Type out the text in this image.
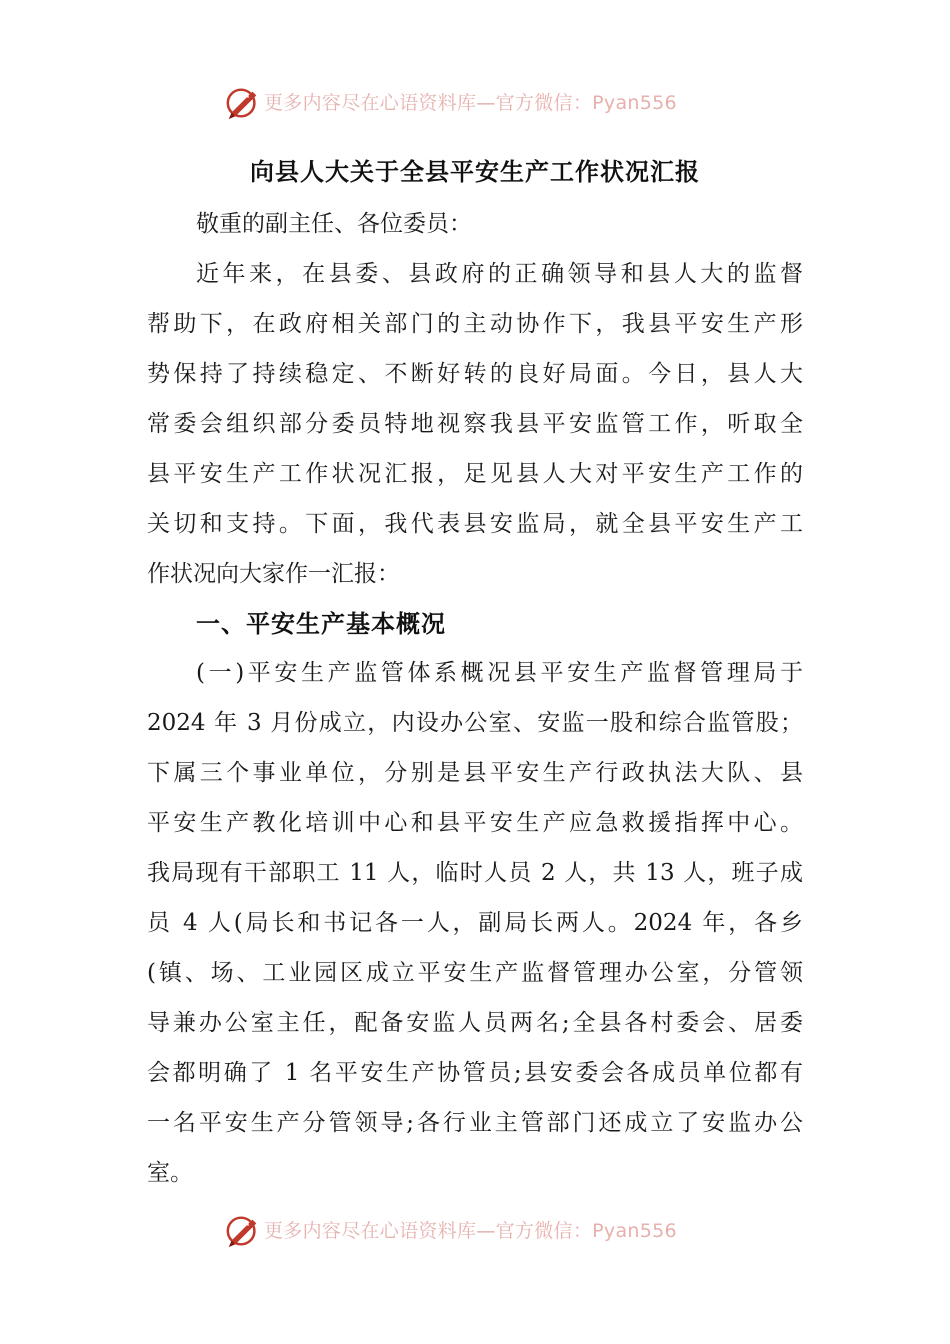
更多内容尽在心语资料库—官方微信：Pyan556
向县人大关于全县平安生产工作状况汇报
敬重的副主任、各位委员：
近年来，在县委、县政府的正确领导和县人大的监督
帮助下，在政府相关部门的主动协作下，我县平安生产形
势保持了持续稳定、不断好转的良好局面。今日，县人大
常委会组织部分委员特地视察我县平安监管工作，听取全
县平安生产工作状况汇报，足见县人大对平安生产工作的
关切和支持。下面，我代表县安监局，就全县平安生产工
作状况向大家作一汇报：
一、平安生产基本概况
(一)平安生产监管体系概况县平安生产监督管理局于
2024 年 3 月份成立，内设办公室、安监一股和综合监管股；
下属三个事业单位，分别是县平安生产行政执法大队、县
平安生产教化培训中心和县平安生产应急救援指挥中心。
我局现有干部职工 11 人，临时人员 2 人，共 13 人，班子成
员 4 人(局长和书记各一人，副局长两人。2024 年，各乡
(镇、场、工业园区成立平安生产监督管理办公室，分管领
导兼办公室主任，配备安监人员两名;全县各村委会、居委
会都明确了 1 名平安生产协管员;县安委会各成员单位都有
一名平安生产分管领导;各行业主管部门还成立了安监办公
室。
更多内容尽在心语资料库—官方微信：Pyan556
